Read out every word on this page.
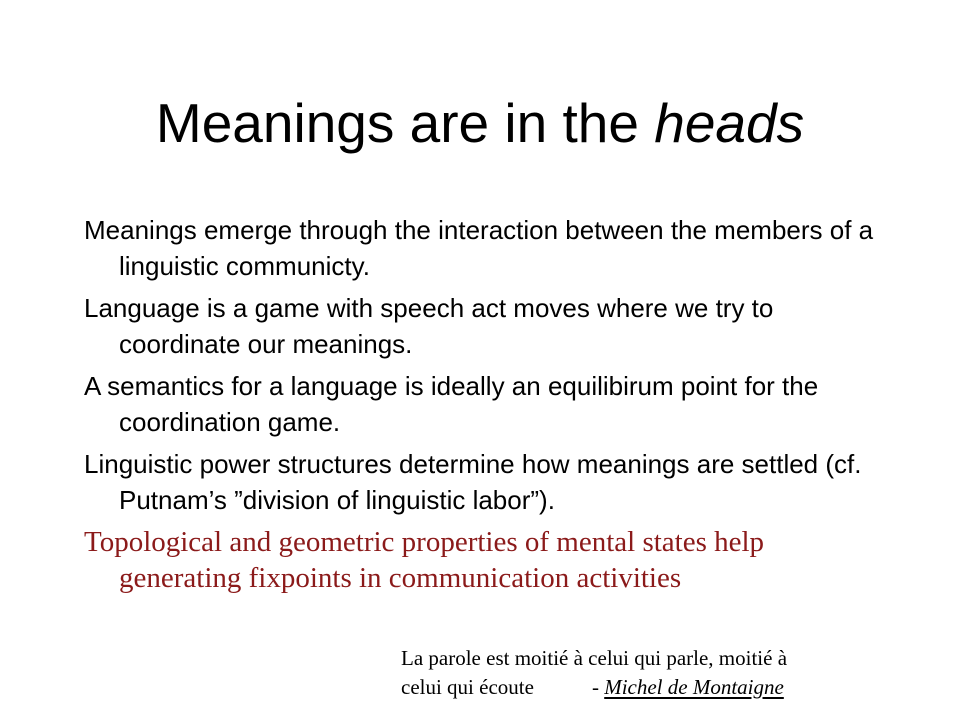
Meanings are in the heads

Meanings emerge through the interaction between the members of a linguistic communicty.

Language is a game with speech act moves where we try to coordinate our meanings.

A semantics for a language is ideally an equilibirum point for the coordination game.

Linguistic power structures determine how meanings are settled (cf. Putnam’s ”division of linguistic labor”).

Topological and geometric properties of mental states help generating fixpoints in communication activities

La parole est moitié à celui qui parle, moitié à
celui qui écoute	- Michel de Montaigne
